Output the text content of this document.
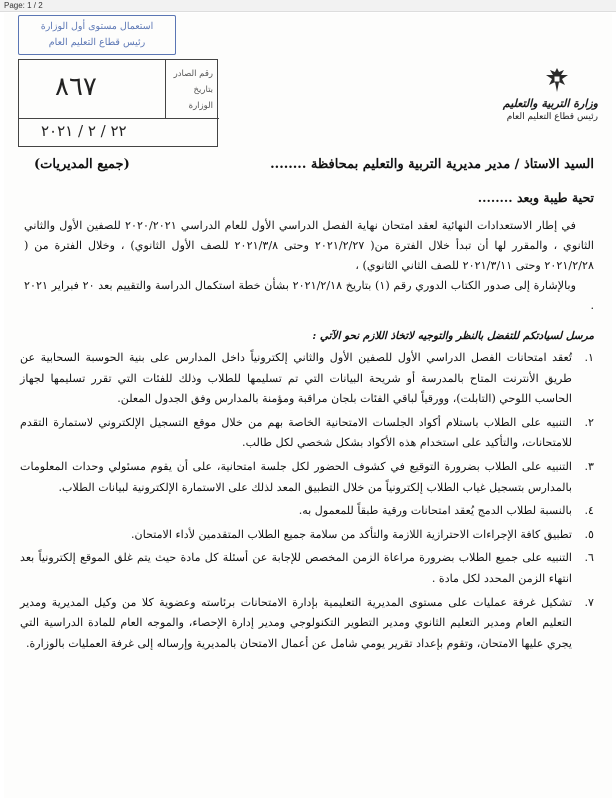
Page: 1 / 2
استعمال مستوى أول الوزارة
رئيس قطاع التعليم العام
رقم الصادر
بتاريخ الوزارة
٨٦٧
٢٢ / ٢ / ٢٠٢١
وزارة التربية والتعليم
رئيس قطاع التعليم العام
السيد الاستاذ / مدير مديرية التربية والتعليم بمحافظة ........
(جميع المديريات)
تحية طيبة وبعد ........

في إطار الاستعدادات النهائية لعقد امتحان نهاية الفصل الدراسي الأول للعام الدراسي ٢٠٢٠/٢٠٢١ للصفين الأول والثاني الثانوي ، والمقرر لها أن تبدأ خلال الفترة من( ٢٠٢١/٢/٢٧ وحتى ٢٠٢١/٣/٨ للصف الأول الثانوي) ، وخلال الفترة من ( ٢٠٢١/٢/٢٨ وحتى ٢٠٢١/٣/١١ للصف الثاني الثانوي) ،

وبالإشارة إلى صدور الكتاب الدوري رقم (١) بتاريخ ٢٠٢١/٢/١٨ بشأن خطة استكمال الدراسة والتقييم بعد ٢٠ فبراير ٢٠٢١ .

مرسل لسيادتكم للتفضل بالنظر والتوجيه لاتخاذ اللازم نحو الآتي :
١.
تُعقد امتحانات الفصل الدراسي الأول للصفين الأول والثاني إلكترونياً داخل المدارس على بنية الحوسبة السحابية عن طريق الأنترنت المتاح بالمدرسة أو شريحة البيانات التي تم تسليمها للطلاب وذلك للفئات التي تقرر تسليمها لجهاز الحاسب اللوحي (التابلت)، وورقياً لباقي الفئات بلجان مراقبة ومؤمنة بالمدارس وفق الجدول المعلن.
٢.
التنبيه على الطلاب باستلام أكواد الجلسات الامتحانية الخاصة بهم من خلال موقع التسجيل الإلكتروني لاستمارة التقدم للامتحانات، والتأكيد على استخدام هذه الأكواد بشكل شخصي لكل طالب.
٣.
التنبيه على الطلاب بضرورة التوقيع في كشوف الحضور لكل جلسة امتحانية، على أن يقوم مسئولي وحدات المعلومات بالمدارس بتسجيل غياب الطلاب إلكترونياً من خلال التطبيق المعد لذلك على الاستمارة الإلكترونية لبيانات الطلاب.
٤.
بالنسبة لطلاب الدمج يُعقد امتحانات ورقية طبقاً للمعمول به.
٥.
تطبيق كافة الإجراءات الاحترازية اللازمة والتأكد من سلامة جميع الطلاب المتقدمين لأداء الامتحان.
٦.
التنبيه على جميع الطلاب بضرورة مراعاة الزمن المخصص للإجابة عن أسئلة كل مادة حيث يتم غلق الموقع إلكترونياً بعد انتهاء الزمن المحدد لكل مادة .
٧.
تشكيل غرفة عمليات على مستوى المديرية التعليمية بإدارة الامتحانات برئاسته وعضوية كلا من وكيل المديرية ومدير التعليم العام ومدير التعليم الثانوي ومدير التطوير التكنولوجي ومدير إدارة الإحصاء، والموجه العام للمادة الدراسية التي يجري عليها الامتحان، وتقوم بإعداد تقرير يومي شامل عن أعمال الامتحان بالمديرية وإرساله إلى غرفة العمليات بالوزارة.
